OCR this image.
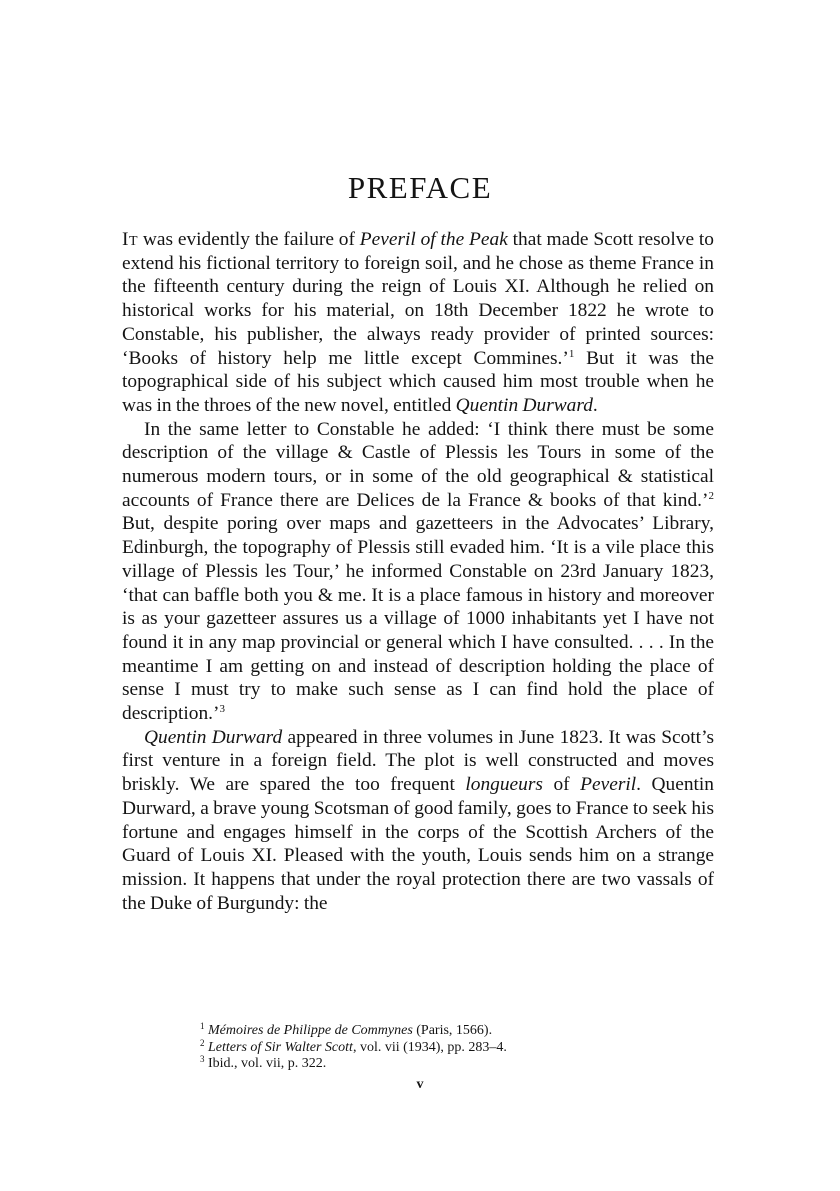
PREFACE

It was evidently the failure of Peveril of the Peak that made Scott resolve to extend his fictional territory to foreign soil, and he chose as theme France in the fifteenth century during the reign of Louis XI. Although he relied on historical works for his material, on 18th December 1822 he wrote to Constable, his publisher, the always ready provider of printed sources: ‘Books of history help me little except Commines.’$^1$ But it was the topographical side of his subject which caused him most trouble when he was in the throes of the new novel, entitled Quentin Durward.

In the same letter to Constable he added: ‘I think there must be some description of the village & Castle of Plessis les Tours in some of the numerous modern tours, or in some of the old geographical & statistical accounts of France there are Delices de la France & books of that kind.’$^2$ But, despite poring over maps and gazetteers in the Advocates’ Library, Edinburgh, the topography of Plessis still evaded him. ‘It is a vile place this village of Plessis les Tour,’ he informed Constable on 23rd January 1823, ‘that can baffle both you & me. It is a place famous in history and moreover is as your gazetteer assures us a village of 1000 inhabitants yet I have not found it in any map provincial or general which I have consulted. . . . In the meantime I am getting on and instead of description holding the place of sense I must try to make such sense as I can find hold the place of description.’$^3$

Quentin Durward appeared in three volumes in June 1823. It was Scott’s first venture in a foreign field. The plot is well constructed and moves briskly. We are spared the too frequent longueurs of Peveril. Quentin Durward, a brave young Scotsman of good family, goes to France to seek his fortune and engages himself in the corps of the Scottish Archers of the Guard of Louis XI. Pleased with the youth, Louis sends him on a strange mission. It happens that under the royal protection there are two vassals of the Duke of Burgundy: the

$^1$ Mémoires de Philippe de Commynes (Paris, 1566).
$^2$ Letters of Sir Walter Scott, vol. vii (1934), pp. 283–4.
$^3$ Ibid., vol. vii, p. 322.
v
